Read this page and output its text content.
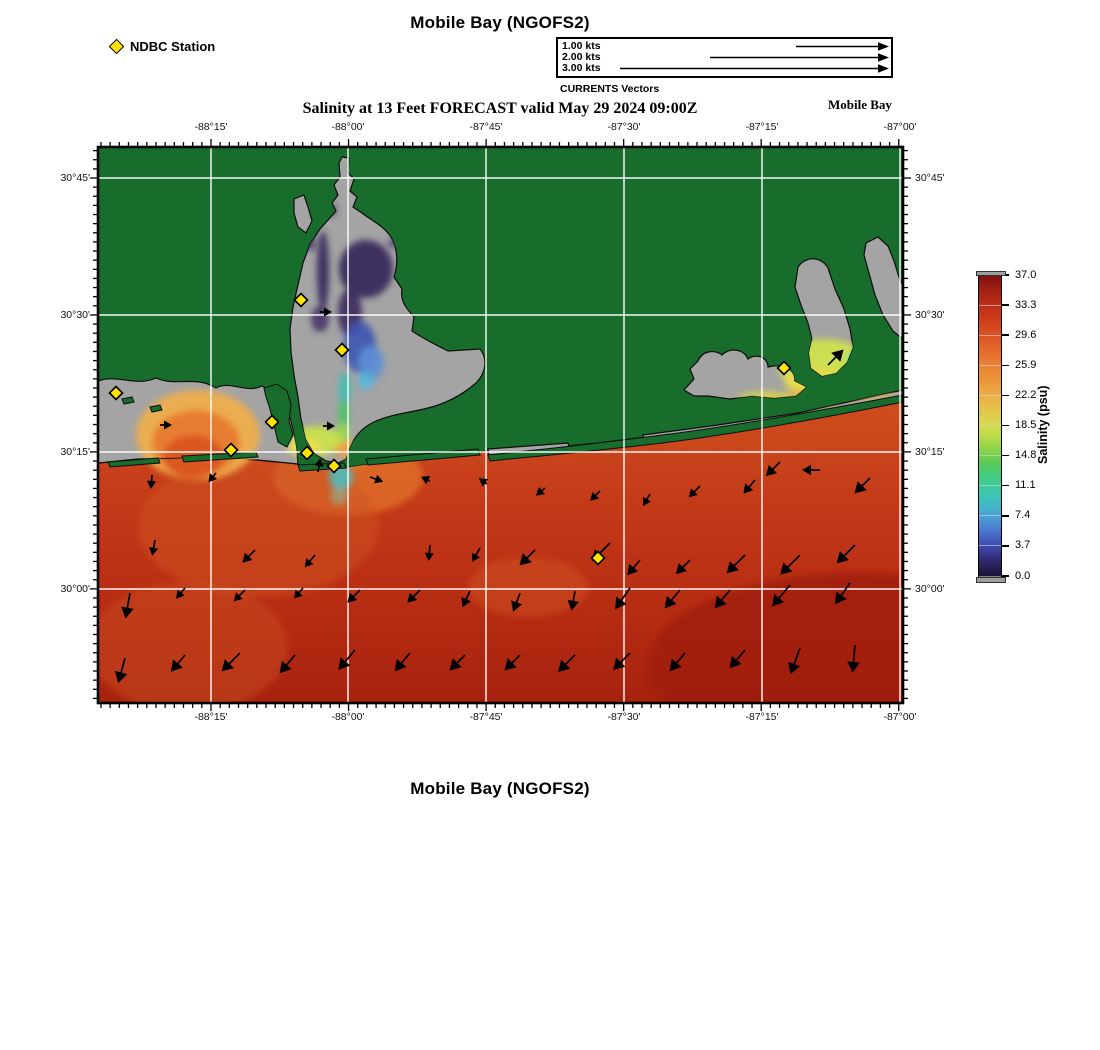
Mobile Bay (NGOFS2)
NDBC Station	1.00 kts
2.00 kts
3.00 kts
CURRENTS Vectors
Salinity at 13 Feet FORECAST valid May 29 2024 09:00Z	Mobile Bay
-88°15'
-88°15'
-88°00'
-88°00'
-87°45'
-87°45'
-87°30'
-87°30'
-87°15'
-87°15'
-87°00'
-87°00'
30°45'	30°45'
30°30'	30°30'
30°15'	30°15'
30°00'	30°00'
37.0
33.3
29.6
25.9
22.2
18.5
14.8
11.1
7.4
3.7
0.0
Salinity (psu)
Mobile Bay (NGOFS2)
